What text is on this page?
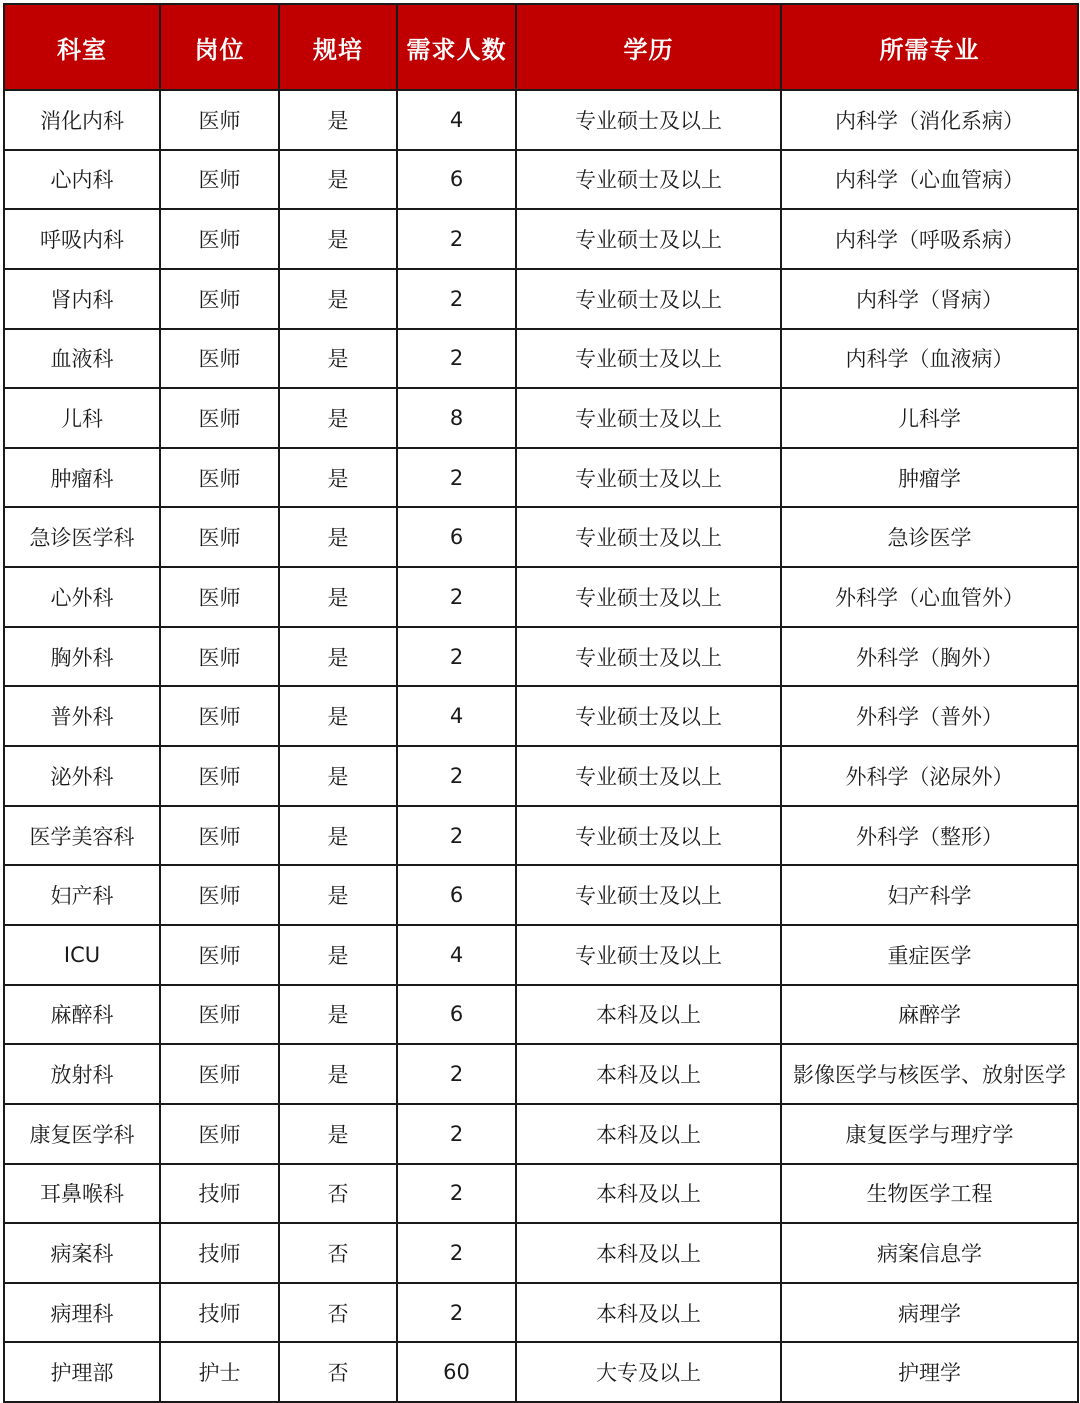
科室	岗位	规培	需求人数	学历	所需专业
消化内科	医师	是	4	专业硕士及以上	内科学（消化系病）
心内科	医师	是	6	专业硕士及以上	内科学（心血管病）
呼吸内科	医师	是	2	专业硕士及以上	内科学（呼吸系病）
肾内科	医师	是	2	专业硕士及以上	内科学（肾病）
血液科	医师	是	2	专业硕士及以上	内科学（血液病）
儿科	医师	是	8	专业硕士及以上	儿科学
肿瘤科	医师	是	2	专业硕士及以上	肿瘤学
急诊医学科	医师	是	6	专业硕士及以上	急诊医学
心外科	医师	是	2	专业硕士及以上	外科学（心血管外）
胸外科	医师	是	2	专业硕士及以上	外科学（胸外）
普外科	医师	是	4	专业硕士及以上	外科学（普外）
泌外科	医师	是	2	专业硕士及以上	外科学（泌尿外）
医学美容科	医师	是	2	专业硕士及以上	外科学（整形）
妇产科	医师	是	6	专业硕士及以上	妇产科学
ICU	医师	是	4	专业硕士及以上	重症医学
麻醉科	医师	是	6	本科及以上	麻醉学
放射科	医师	是	2	本科及以上	影像医学与核医学、放射医学
康复医学科	医师	是	2	本科及以上	康复医学与理疗学
耳鼻喉科	技师	否	2	本科及以上	生物医学工程
病案科	技师	否	2	本科及以上	病案信息学
病理科	技师	否	2	本科及以上	病理学
护理部	护士	否	60	大专及以上	护理学
